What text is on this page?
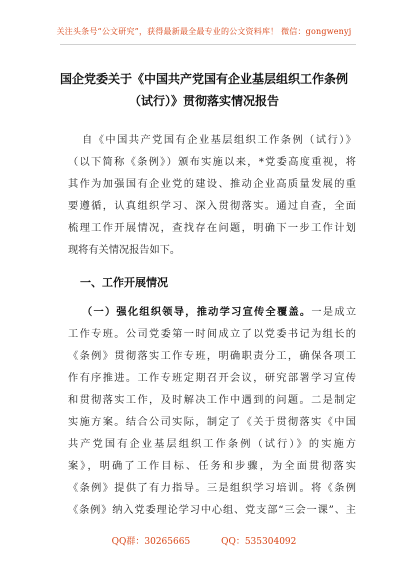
关注头条号“公文研究”，获得最新最全最专业的公文资料库！ 微信：gongwenyj
国企党委关于《中国共产党国有企业基层组织工作条例
（试行）》贯彻落实情况报告
自《中国共产党国有企业基层组织工作条例（试行）》
（以下简称《条例》）颁布实施以来，*党委高度重视，将
其作为加强国有企业党的建设、推动企业高质量发展的重
要遵循，认真组织学习、深入贯彻落实。通过自查，全面
梳理工作开展情况，查找存在问题，明确下一步工作计划
现将有关情况报告如下。
一、工作开展情况
（一）强化组织领导，推动学习宣传全覆盖。一是成立
工作专班。公司党委第一时间成立了以党委书记为组长的
《条例》贯彻落实工作专班，明确职责分工，确保各项工
作有序推进。工作专班定期召开会议，研究部署学习宣传
和贯彻落实工作，及时解决工作中遇到的问题。二是制定
实施方案。结合公司实际，制定了《关于贯彻落实《中国
共产党国有企业基层组织工作条例（试行）》的实施方
案》，明确了工作目标、任务和步骤，为全面贯彻落实
《条例》提供了有力指导。三是组织学习培训。将《条例
《条例》纳入党委理论学习中心组、党支部“三会一课”、主
QQ群：30265665	QQ：535304092
